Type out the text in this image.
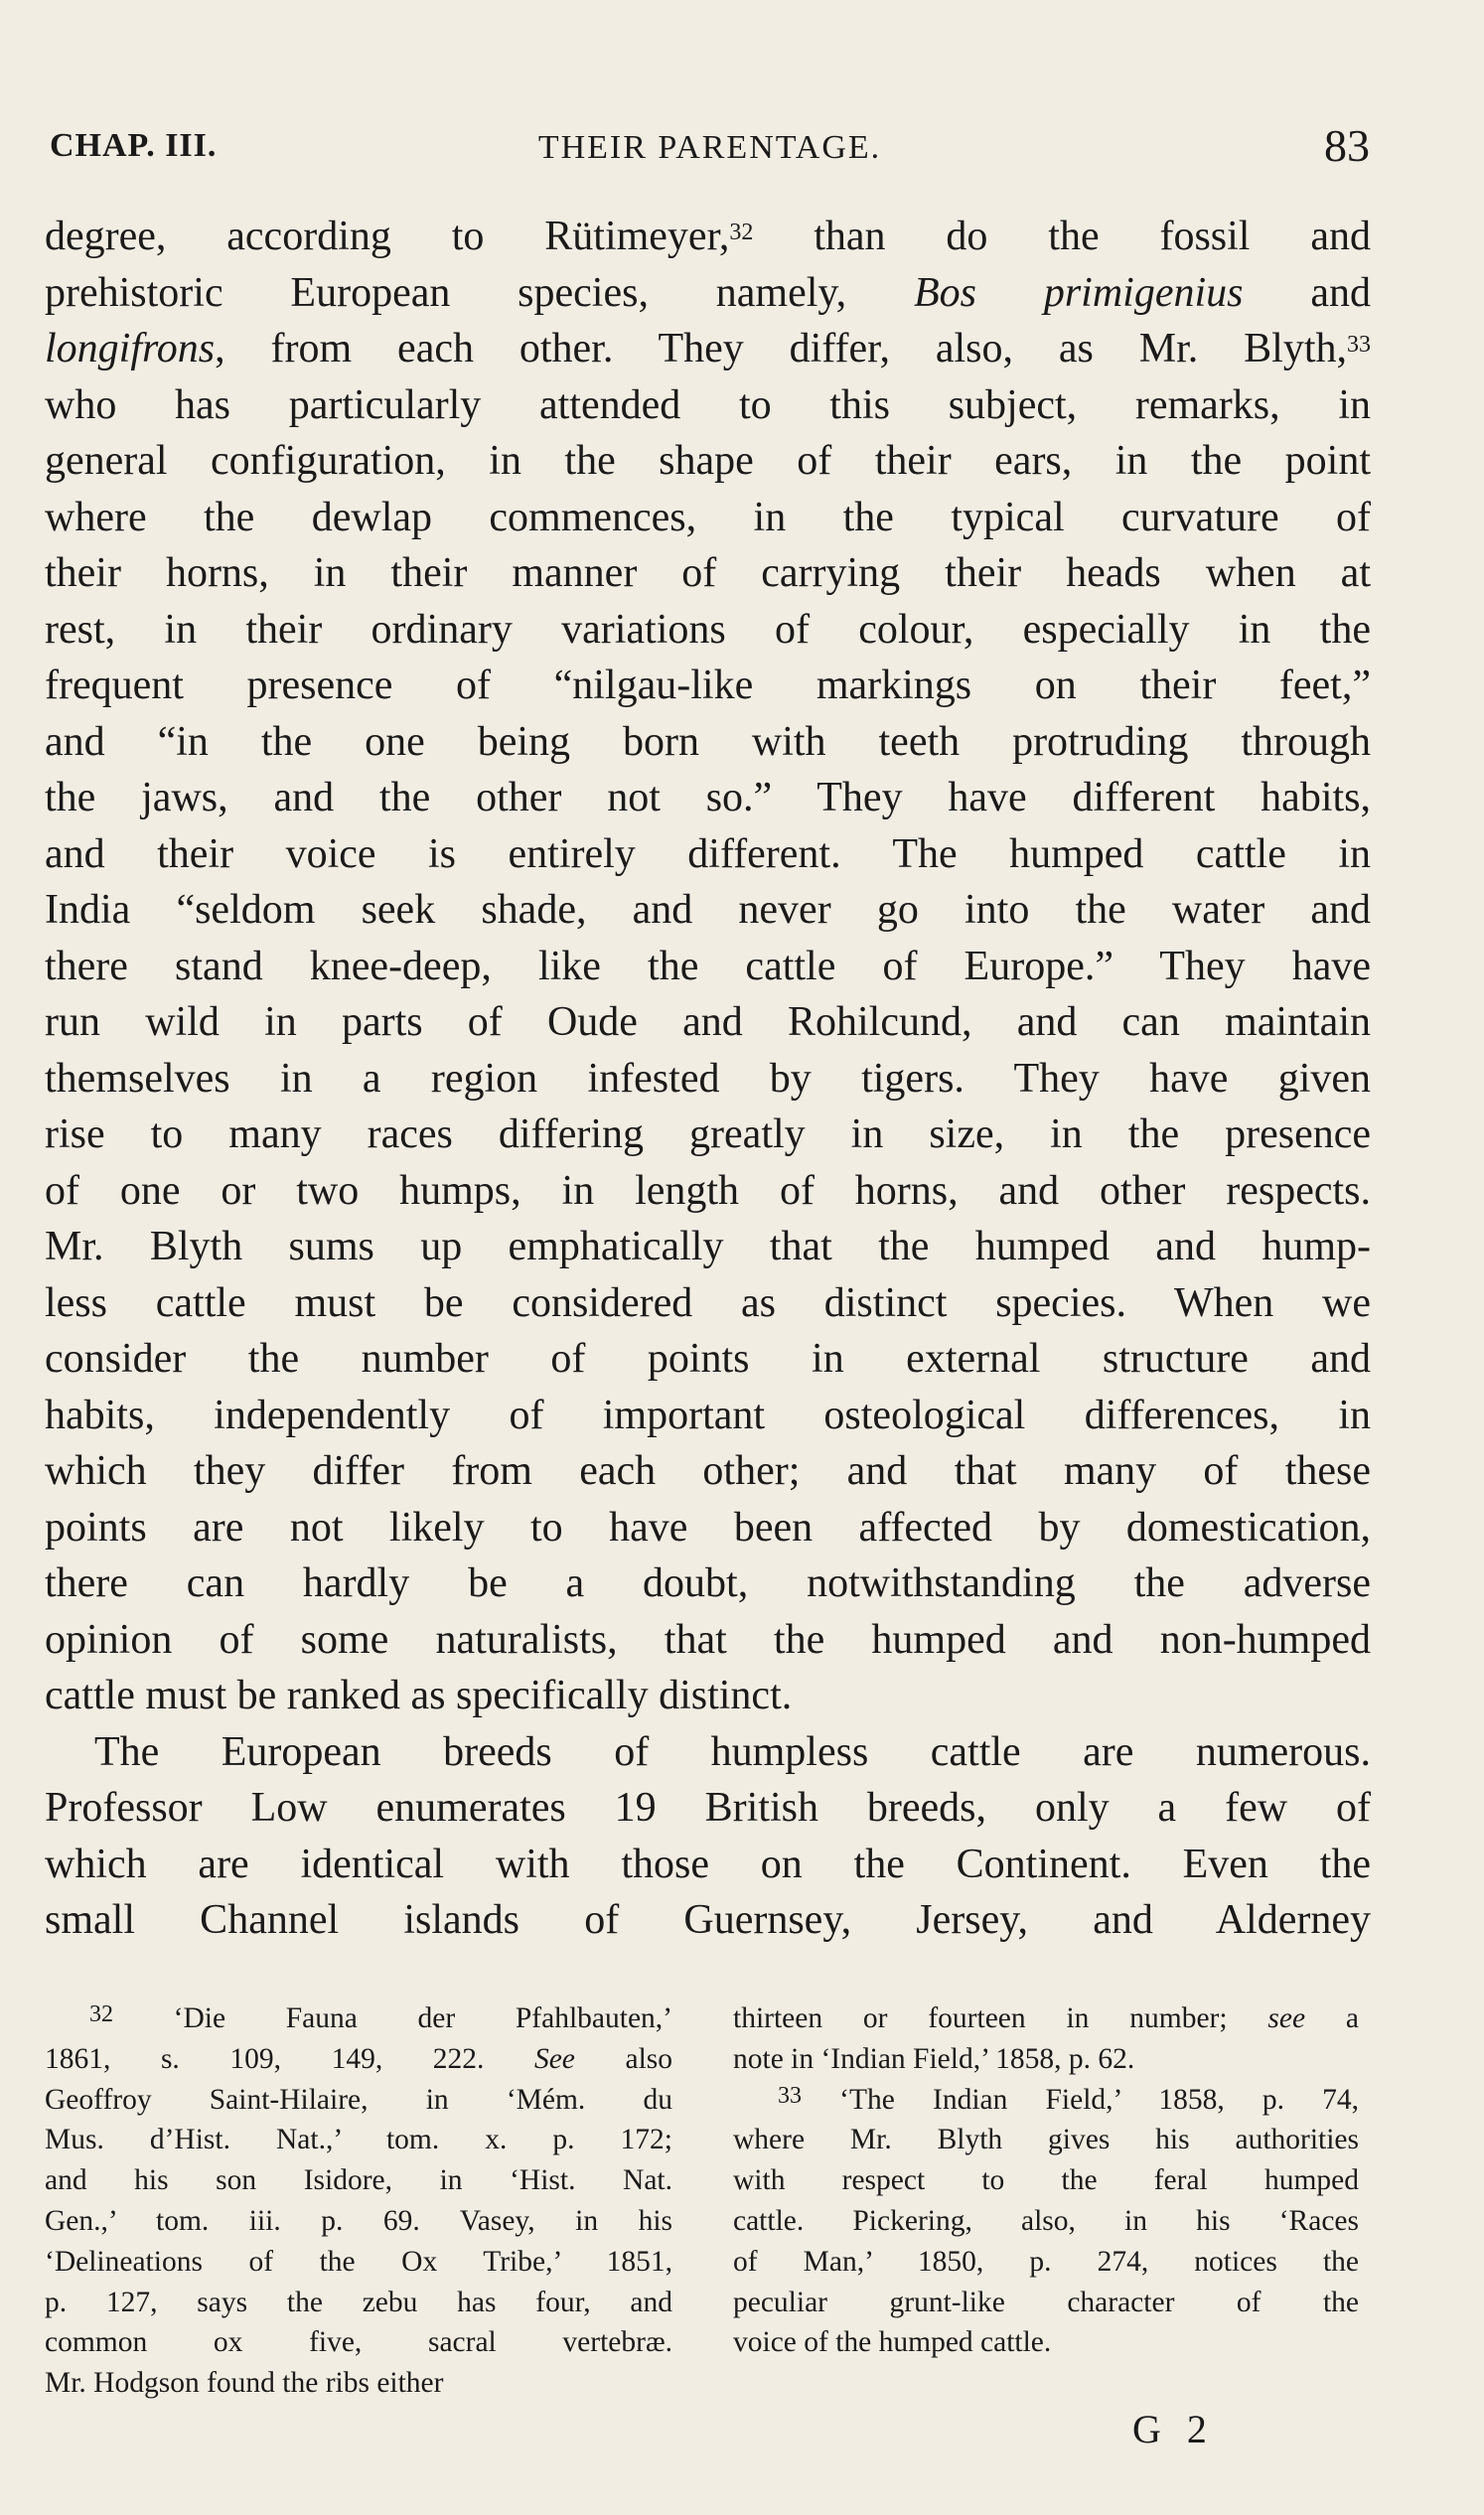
CHAP. III.	THEIR PARENTAGE.	83
degree, according to Rütimeyer,$^{32}$ than do the fossil and
prehistoric European species, namely, Bos primigenius and
longifrons, from each other. They differ, also, as Mr. Blyth,$^{33}$
who has particularly attended to this subject, remarks, in
general configuration, in the shape of their ears, in the point
where the dewlap commences, in the typical curvature of
their horns, in their manner of carrying their heads when at
rest, in their ordinary variations of colour, especially in the
frequent presence of “nilgau-like markings on their feet,”
and “in the one being born with teeth protruding through
the jaws, and the other not so.” They have different habits,
and their voice is entirely different. The humped cattle in
India “seldom seek shade, and never go into the water and
there stand knee-deep, like the cattle of Europe.” They have
run wild in parts of Oude and Rohilcund, and can maintain
themselves in a region infested by tigers. They have given
rise to many races differing greatly in size, in the presence
of one or two humps, in length of horns, and other respects.
Mr. Blyth sums up emphatically that the humped and hump-
less cattle must be considered as distinct species. When we
consider the number of points in external structure and
habits, independently of important osteological differences, in
which they differ from each other; and that many of these
points are not likely to have been affected by domestication,
there can hardly be a doubt, notwithstanding the adverse
opinion of some naturalists, that the humped and non-humped
cattle must be ranked as specifically distinct.
The European breeds of humpless cattle are numerous.
Professor Low enumerates 19 British breeds, only a few of
which are identical with those on the Continent. Even the
small Channel islands of Guernsey, Jersey, and Alderney
$^{32}$ ‘Die Fauna der Pfahlbauten,’
1861, s. 109, 149, 222. See also
Geoffroy Saint-Hilaire, in ‘Mém. du
Mus. d’Hist. Nat.,’ tom. x. p. 172;
and his son Isidore, in ‘Hist. Nat.
Gen.,’ tom. iii. p. 69. Vasey, in his
‘Delineations of the Ox Tribe,’ 1851,
p. 127, says the zebu has four, and
common ox five, sacral vertebræ.
Mr. Hodgson found the ribs either
thirteen or fourteen in number; see a
note in ‘Indian Field,’ 1858, p. 62.
$^{33}$ ‘The Indian Field,’ 1858, p. 74,
where Mr. Blyth gives his authorities
with respect to the feral humped
cattle. Pickering, also, in his ‘Races
of Man,’ 1850, p. 274, notices the
peculiar grunt-like character of the
voice of the humped cattle.
G 2
